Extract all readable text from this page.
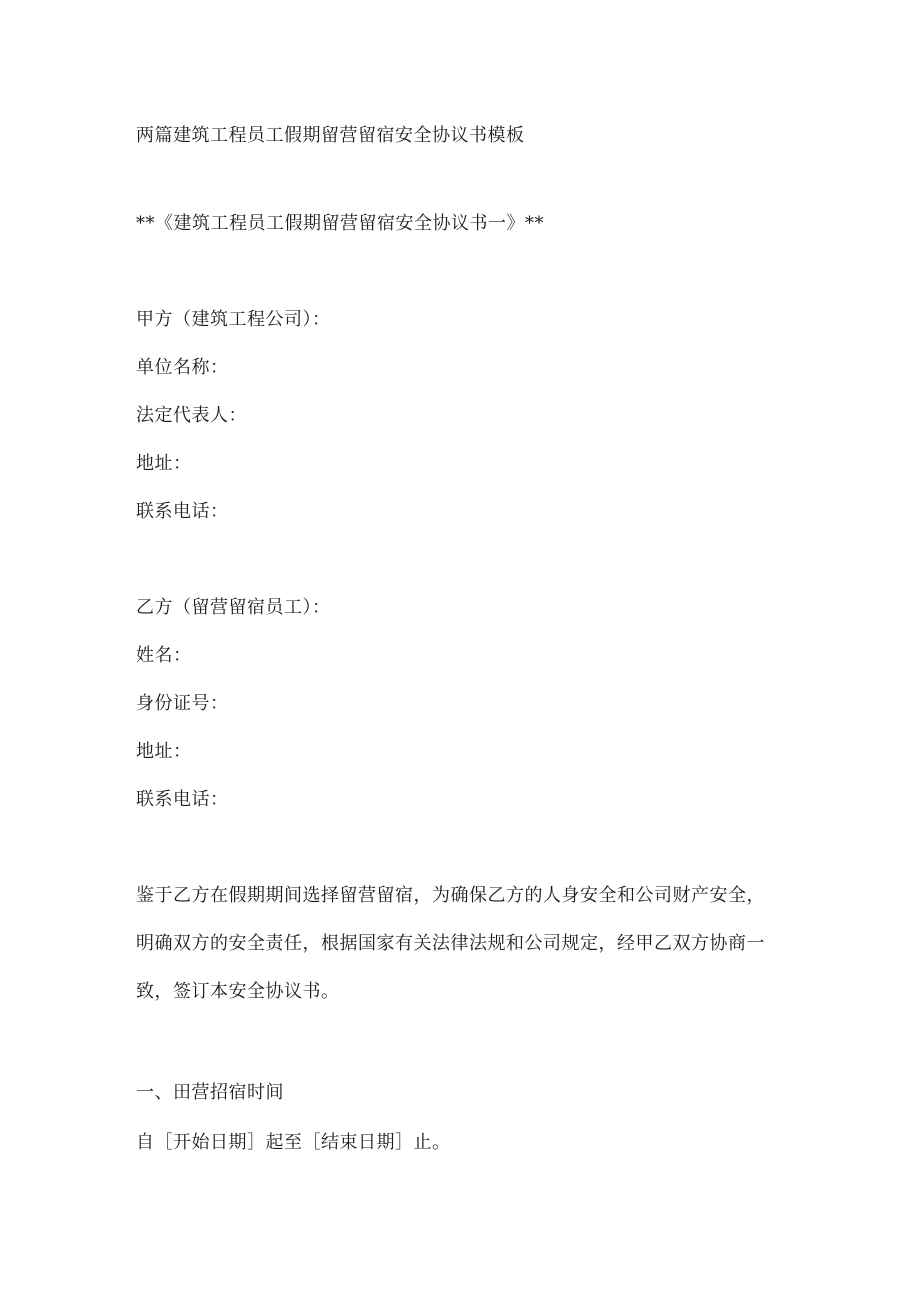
两篇建筑工程员工假期留营留宿安全协议书模板
**《建筑工程员工假期留营留宿安全协议书一》**
甲方（建筑工程公司）：
单位名称：
法定代表人：
地址：
联系电话：
乙方（留营留宿员工）：
姓名：
身份证号：
地址：
联系电话：
鉴于乙方在假期期间选择留营留宿，为确保乙方的人身安全和公司财产安全，
明确双方的安全责任，根据国家有关法律法规和公司规定，经甲乙双方协商一
致，签订本安全协议书。
一、田营招宿时间
自［开始日期］起至［结束日期］止。
